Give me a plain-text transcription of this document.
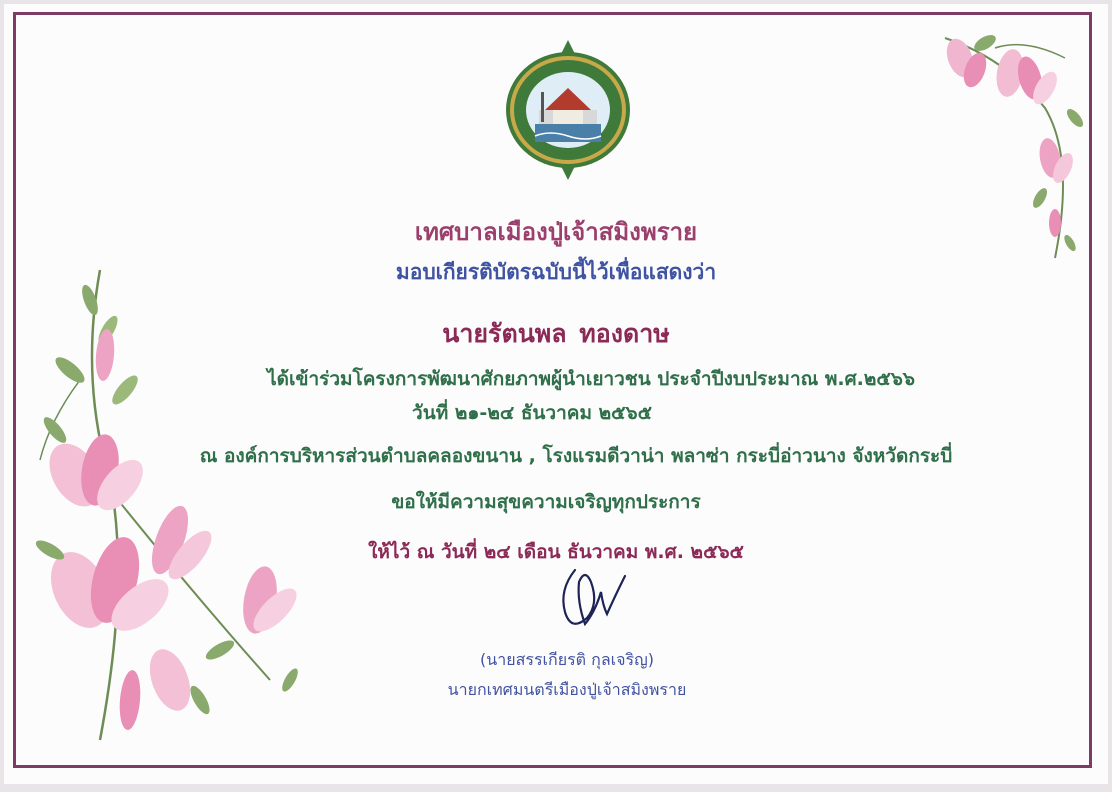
เทศบาลเมืองปู่เจ้าสมิงพราย
มอบเกียรติบัตรฉบับนี้ไว้เพื่อแสดงว่า
นายรัตนพล ทองดาษ
ได้เข้าร่วมโครงการพัฒนาศักยภาพผู้นำเยาวชน ประจำปีงบประมาณ พ.ศ.๒๕๖๖
วันที่ ๒๑-๒๔ ธันวาคม ๒๕๖๕
ณ องค์การบริหารส่วนตำบลคลองขนาน , โรงแรมดีวาน่า พลาซ่า กระบี่อ่าวนาง จังหวัดกระบี่
ขอให้มีความสุขความเจริญทุกประการ
ให้ไว้ ณ วันที่ ๒๔ เดือน ธันวาคม พ.ศ. ๒๕๖๕
(นายสรรเกียรติ กุลเจริญ)
นายกเทศมนตรีเมืองปู่เจ้าสมิงพราย
